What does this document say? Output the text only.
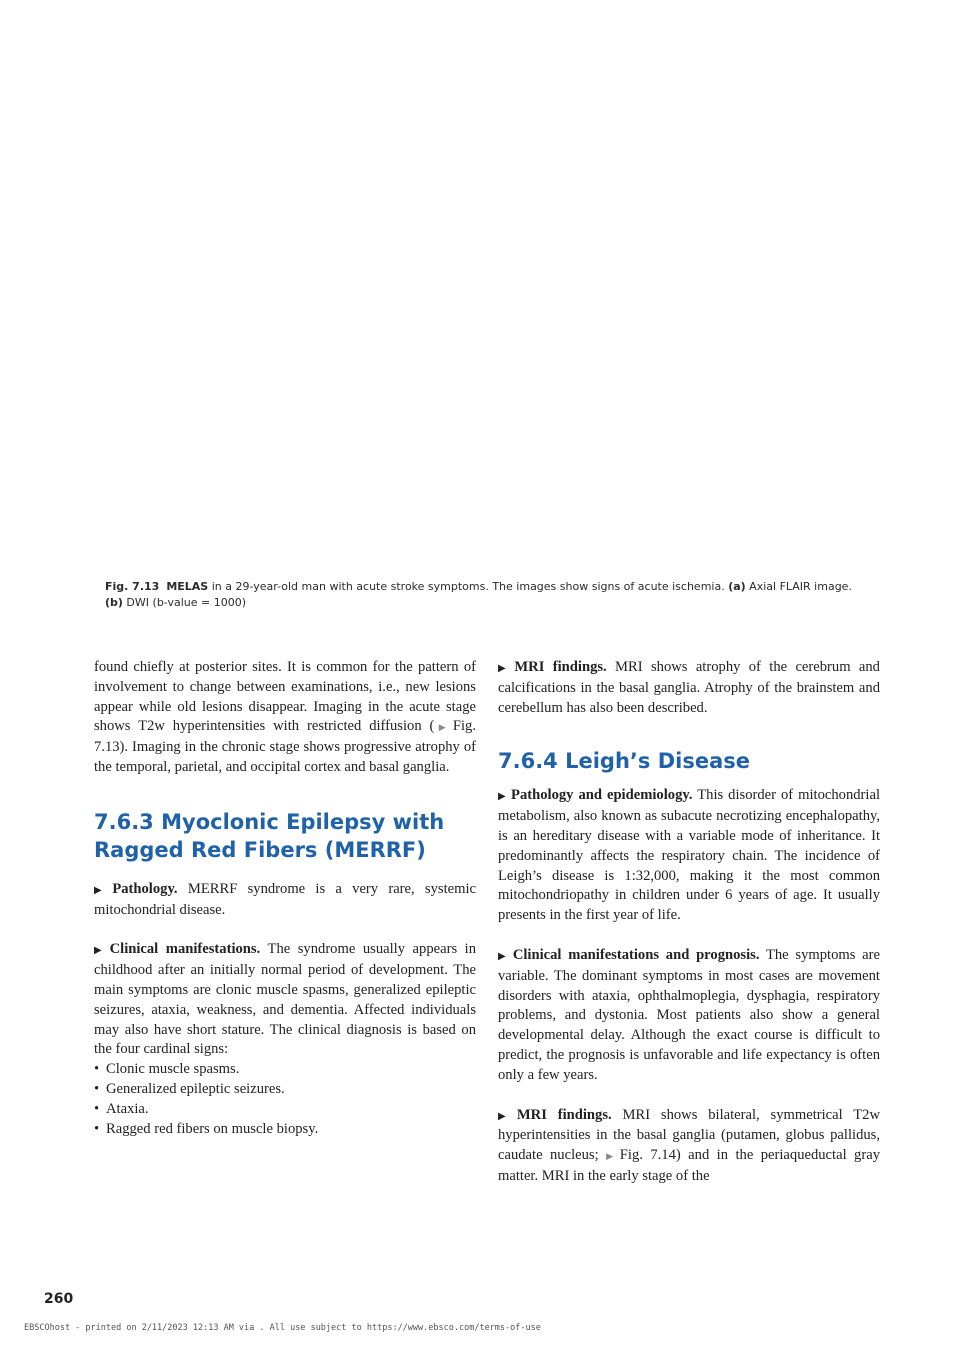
Fig. 7.13 MELAS in a 29-year-old man with acute stroke symptoms. The images show signs of acute ischemia. (a) Axial FLAIR image.
(b) DWI (b-value = 1000)

found chiefly at posterior sites. It is common for the pattern of involvement to change between examinations, i.e., new lesions appear while old lesions disappear. Imaging in the acute stage shows T2w hyperintensities with restricted diffusion (▶ Fig. 7.13). Imaging in the chronic stage shows progressive atrophy of the temporal, parietal, and occipital cortex and basal ganglia.

7.6.3 Myoclonic Epilepsy with
Ragged Red Fibers (MERRF)

▶ Pathology. MERRF syndrome is a very rare, systemic mitochondrial disease.

▶ Clinical manifestations. The syndrome usually appears in childhood after an initially normal period of development. The main symptoms are clonic muscle spasms, generalized epileptic seizures, ataxia, weakness, and dementia. Affected individuals may also have short stature. The clinical diagnosis is based on the four cardinal signs:

• Clonic muscle spasms.
• Generalized epileptic seizures.
• Ataxia.
• Ragged red fibers on muscle biopsy.

▶ MRI findings. MRI shows atrophy of the cerebrum and calcifications in the basal ganglia. Atrophy of the brainstem and cerebellum has also been described.

7.6.4 Leigh’s Disease

▶ Pathology and epidemiology. This disorder of mitochondrial metabolism, also known as subacute necrotizing encephalopathy, is an hereditary disease with a variable mode of inheritance. It predominantly affects the respiratory chain. The incidence of Leigh’s disease is 1:32,000, making it the most common mitochondriopathy in children under 6 years of age. It usually presents in the first year of life.

▶ Clinical manifestations and prognosis. The symptoms are variable. The dominant symptoms in most cases are movement disorders with ataxia, ophthalmoplegia, dysphagia, respiratory problems, and dystonia. Most patients also show a general developmental delay. Although the exact course is difficult to predict, the prognosis is unfavorable and life expectancy is often only a few years.

▶ MRI findings. MRI shows bilateral, symmetrical T2w hyperintensities in the basal ganglia (putamen, globus pallidus, caudate nucleus; ▶ Fig. 7.14) and in the periaqueductal gray matter. MRI in the early stage of the

260
EBSCOhost - printed on 2/11/2023 12:13 AM via . All use subject to https://www.ebsco.com/terms-of-use
